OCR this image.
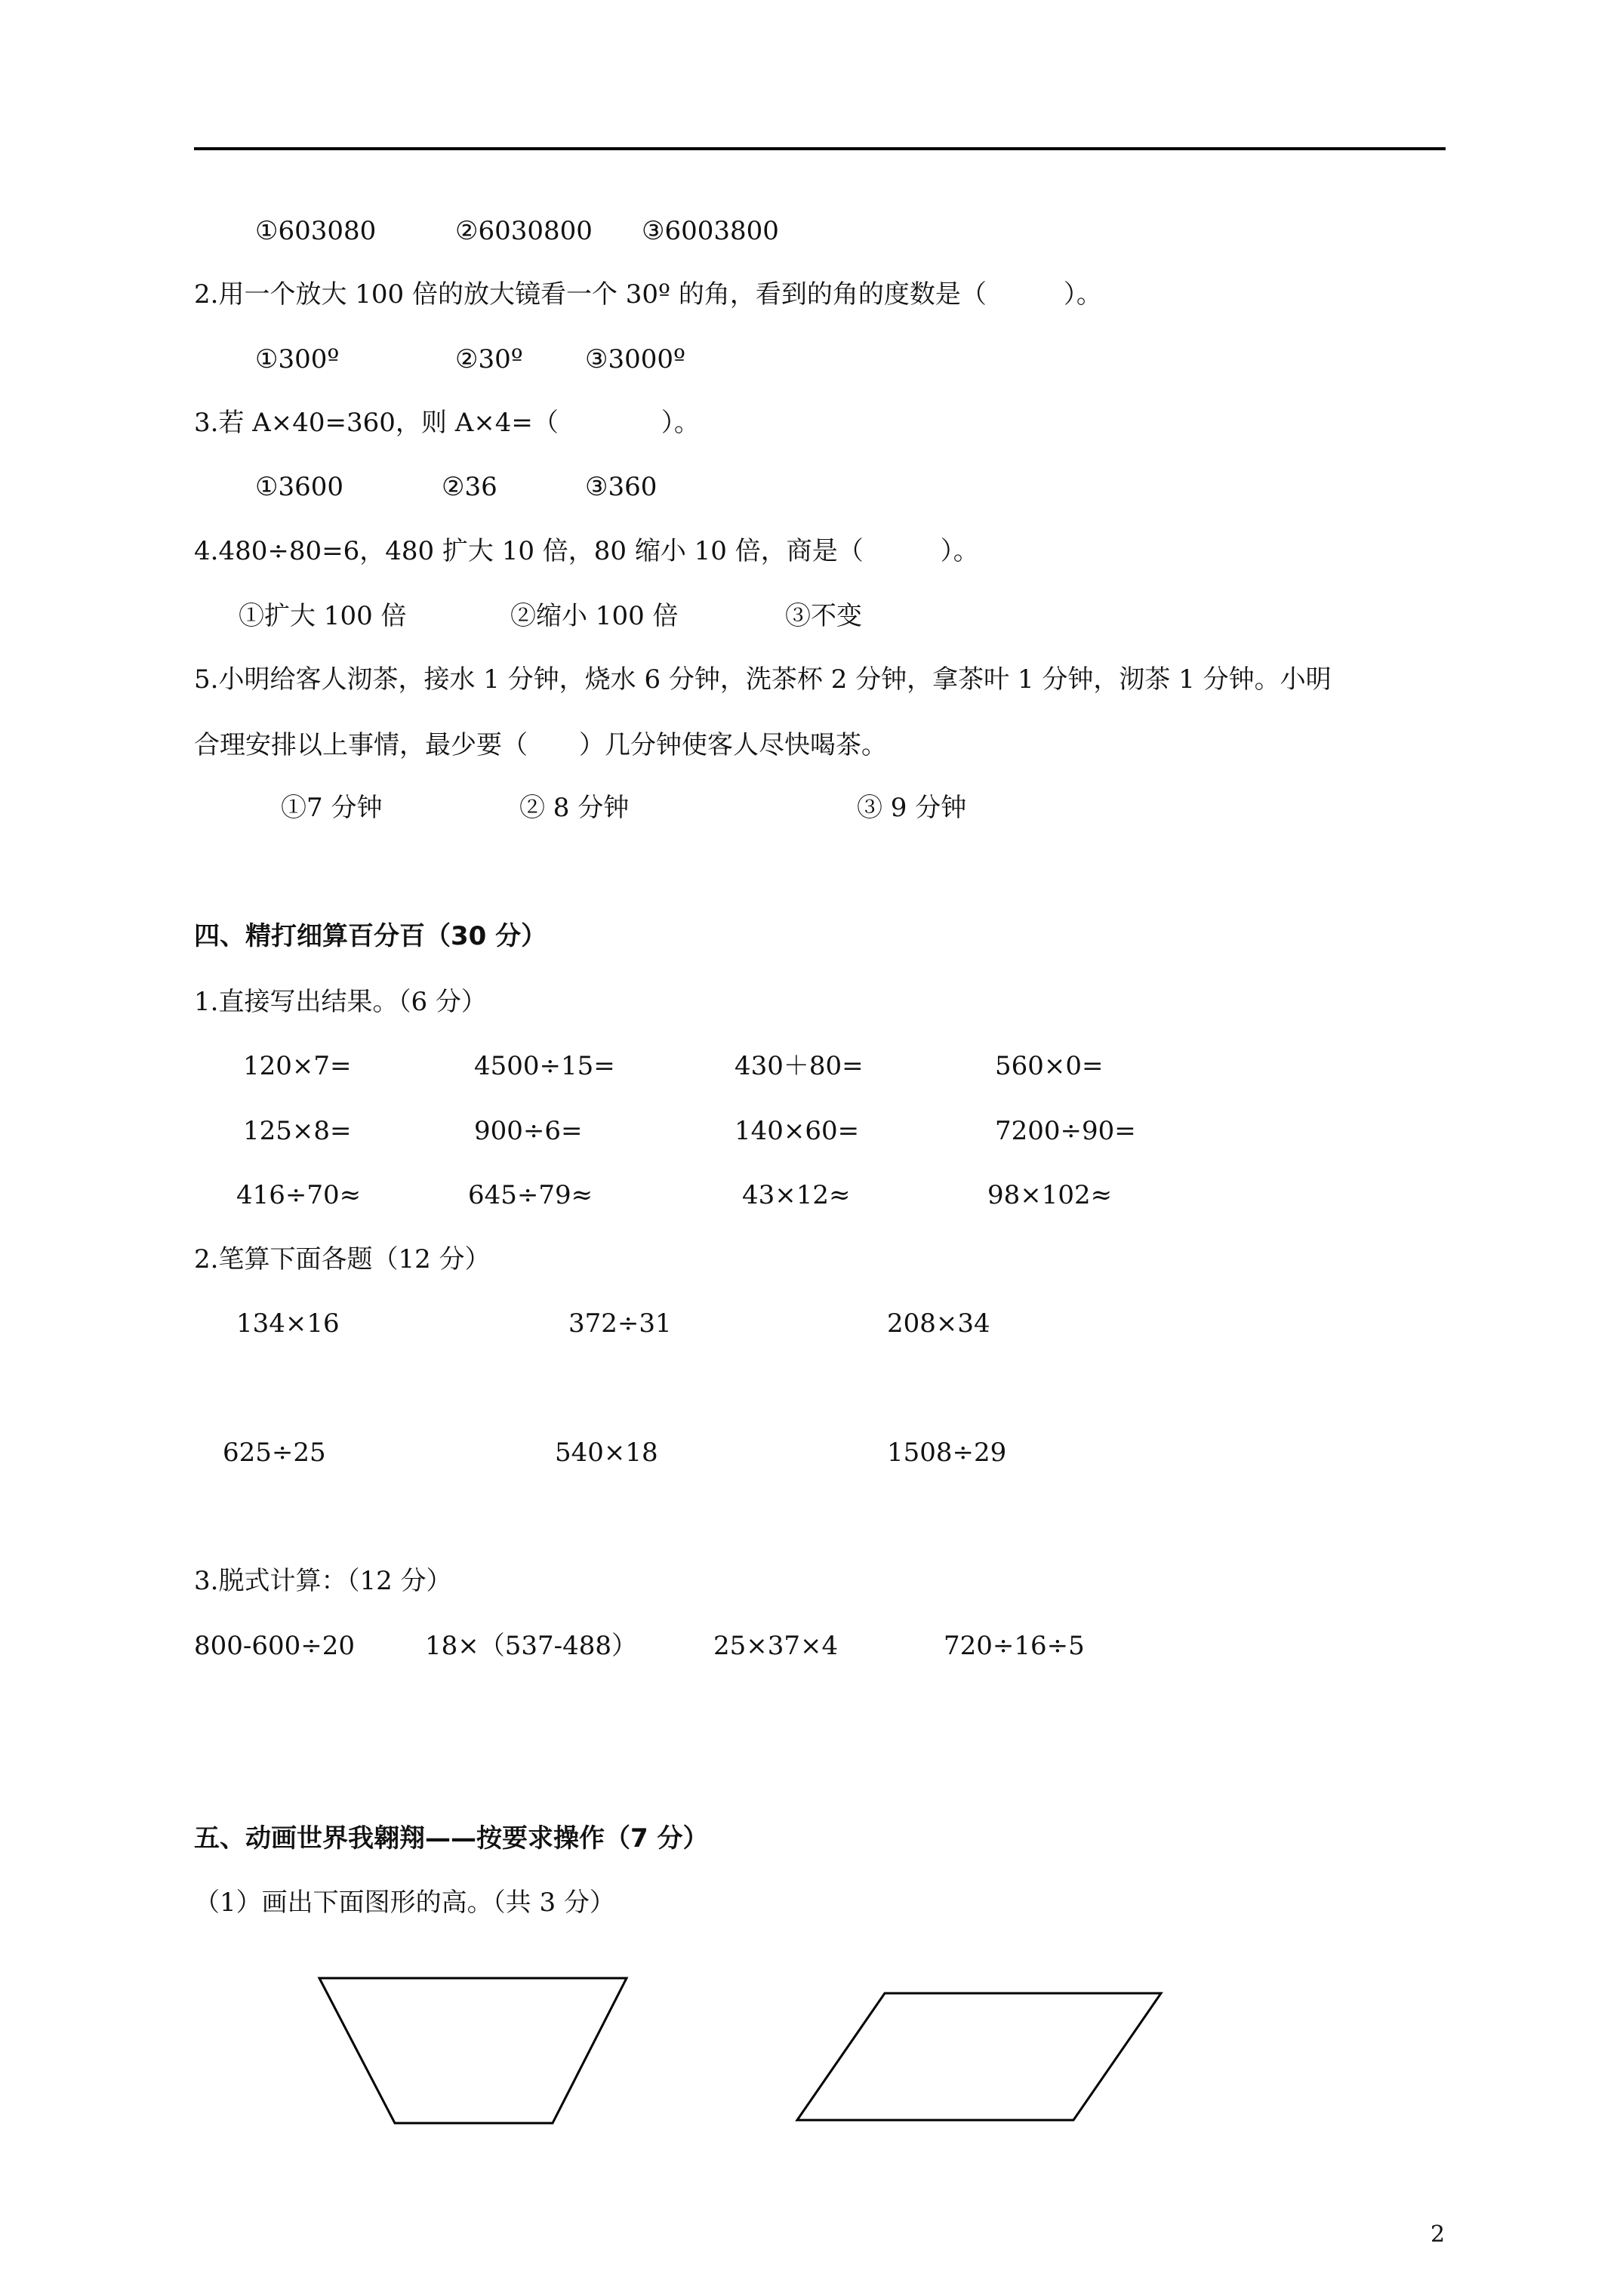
①603080	②6030800 ③6003800
2.用一个放大 100 倍的放大镜看一个 30º 的角，看到的角的度数是（　　　）。
①300º	②30º ③3000º
3.若 A×40=360，则 A×4=（　　　　）。
①3600	②36	③360
4.480÷80=6，480 扩大 10 倍，80 缩小 10 倍，商是（　　　）。
①扩大 100 倍	②缩小 100 倍	③不变
5.小明给客人沏茶，接水 1 分钟，烧水 6 分钟，洗茶杯 2 分钟，拿茶叶 1 分钟，沏茶 1 分钟。小明
合理安排以上事情，最少要（　　）几分钟使客人尽快喝茶。
①7 分钟	② 8 分钟	③ 9 分钟
四、精打细算百分百（30 分）
1.直接写出结果。（6 分）
120×7=	4500÷15=	430＋80=	560×0=
125×8=	900÷6=	140×60=	7200÷90=
416÷70≈	645÷79≈	43×12≈	98×102≈
2.笔算下面各题（12 分）
134×16	372÷31	208×34
625÷25	540×18	1508÷29
3.脱式计算：（12 分）
800-600÷20	18×（537-488）	25×37×4	720÷16÷5
五、动画世界我翱翔——按要求操作（7 分）
（1）画出下面图形的高。（共 3 分）
2
